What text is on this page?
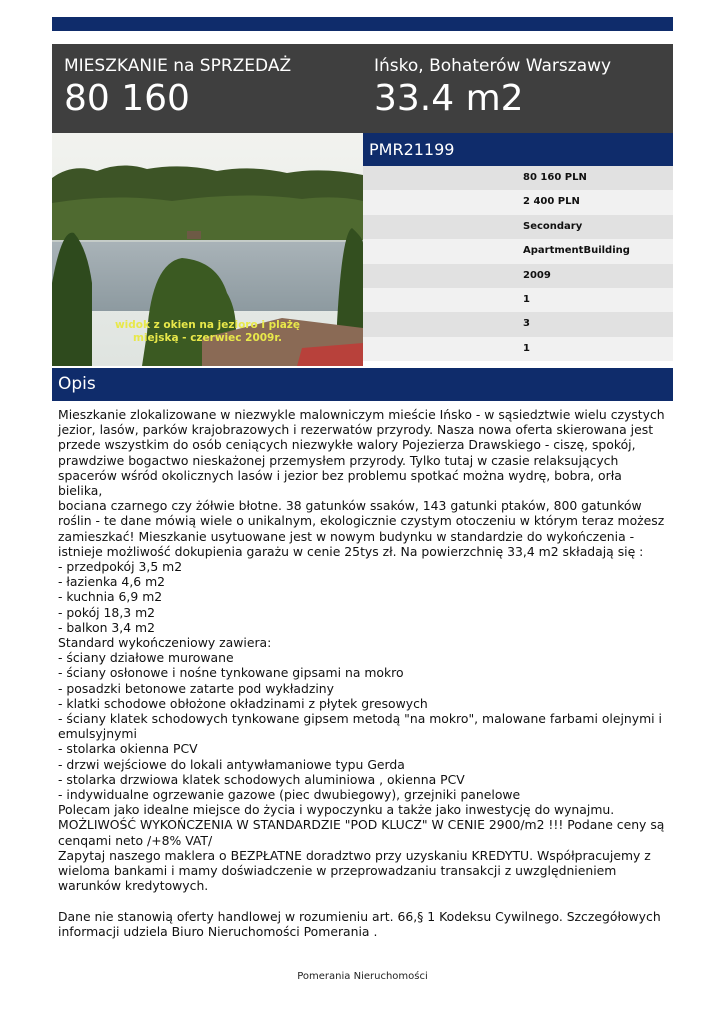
MIESZKANIE na SPRZEDAŻ
80 160
Ińsko, Bohaterów Warszawy
33.4 m2
widok z okien na jezioro i plażę
miejską - czerwiec 2009r.
PMR21199
80 160 PLN
2 400 PLN
Secondary
ApartmentBuilding
2009
1
3
1
Opis

Mieszkanie zlokalizowane w niezwykle malowniczym mieście Ińsko - w sąsiedztwie wielu czystych

jezior, lasów, parków krajobrazowych i rezerwatów przyrody. Nasza nowa oferta skierowana jest

przede wszystkim do osób ceniących niezwykłe walory Pojezierza Drawskiego - ciszę, spokój,

prawdziwe bogactwo nieskażonej przemysłem przyrody. Tylko tutaj w czasie relaksujących

spacerów wśród okolicznych lasów i jezior bez problemu spotkać można wydrę, bobra, orła bielika,

bociana czarnego czy żółwie błotne. 38 gatunków ssaków, 143 gatunki ptaków, 800 gatunków

roślin - te dane mówią wiele o unikalnym, ekologicznie czystym otoczeniu w którym teraz możesz

zamieszkać! Mieszkanie usytuowane jest w nowym budynku w standardzie do wykończenia -

istnieje możliwość dokupienia garażu w cenie 25tys zł. Na powierzchnię 33,4 m2 składają się :

- przedpokój 3,5 m2

- łazienka 4,6 m2

- kuchnia 6,9 m2

- pokój 18,3 m2

- balkon 3,4 m2

Standard wykończeniowy zawiera:

- ściany działowe murowane

- ściany osłonowe i nośne tynkowane gipsami na mokro

- posadzki betonowe zatarte pod wykładziny

- klatki schodowe obłożone okładzinami z płytek gresowych

- ściany klatek schodowych tynkowane gipsem metodą "na mokro", malowane farbami olejnymi i

emulsyjnymi

- stolarka okienna PCV

- drzwi wejściowe do lokali antywłamaniowe typu Gerda

- stolarka drzwiowa klatek schodowych aluminiowa , okienna PCV

- indywidualne ogrzewanie gazowe (piec dwubiegowy), grzejniki panelowe

Polecam jako idealne miejsce do życia i wypoczynku a także jako inwestycję do wynajmu.

MOŻLIWOŚĆ WYKOŃCZENIA W STANDARDZIE "POD KLUCZ" W CENIE 2900/m2 !!! Podane ceny są

cenqami neto /+8% VAT/

Zapytaj naszego maklera o BEZPŁATNE doradztwo przy uzyskaniu KREDYTU. Współpracujemy z

wieloma bankami i mamy doświadczenie w przeprowadzaniu transakcji z uwzględnieniem

warunków kredytowych.

Dane nie stanowią oferty handlowej w rozumieniu art. 66,§ 1 Kodeksu Cywilnego. Szczegółowych

informacji udziela Biuro Nieruchomości Pomerania .

Pomerania Nieruchomości
